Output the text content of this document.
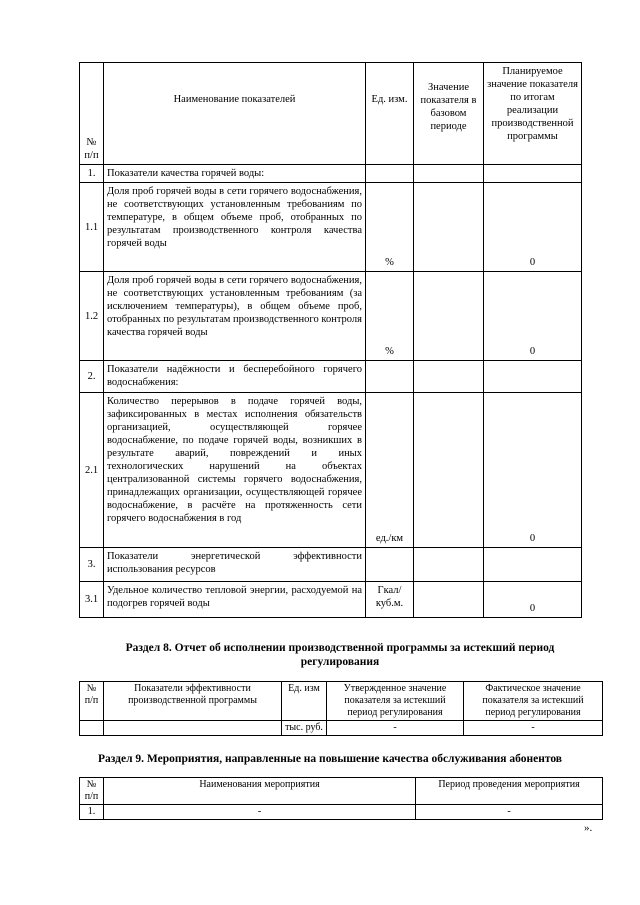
№ п/п	Наименование показателей	Ед. изм.	Значение показателя в базовом периоде	Планируемое значение показателя по итогам реализации производственной программы
1.	Показатели качества горячей воды:			
1.1	Доля проб горячей воды в сети горячего водоснабжения, не соответствующих установленным требованиям по температуре, в общем объеме проб, отобранных по результатам производственного контроля качества горячей воды	%		0
1.2	Доля проб горячей воды в сети горячего водоснабжения, не соответствующих установленным требованиям (за исключением температуры), в общем объеме проб, отобранных по результатам производственного контроля качества горячей воды	%		0
2.	Показатели надёжности и бесперебойного горячего водоснабжения:			
2.1	Количество перерывов в подаче горячей воды, зафиксированных в местах исполнения обязательств организацией, осуществляющей горячее водоснабжение, по подаче горячей воды, возникших в результате аварий, повреждений и иных технологических нарушений на объектах централизованной системы горячего водоснабжения, принадлежащих организации, осуществляющей горячее водоснабжение, в расчёте на протяженность сети горячего водоснабжения в год	ед./км		0
3.	Показатели энергетической эффективности использования ресурсов			
3.1	Удельное количество тепловой энергии, расходуемой на подогрев горячей воды	Гкал/ куб.м.		0
Раздел 8. Отчет об исполнении производственной программы за истекший период регулирования
№ п/п	Показатели эффективности производственной программы	Ед. изм	Утвержденное значение показателя за истекший период регулирования	Фактическое значение показателя за истекший период регулирования
		тыс. руб.	-	-
Раздел 9. Мероприятия, направленные на повышение качества обслуживания абонентов
№ п/п	Наименования мероприятия	Период проведения мероприятия
1.	-	-
».
